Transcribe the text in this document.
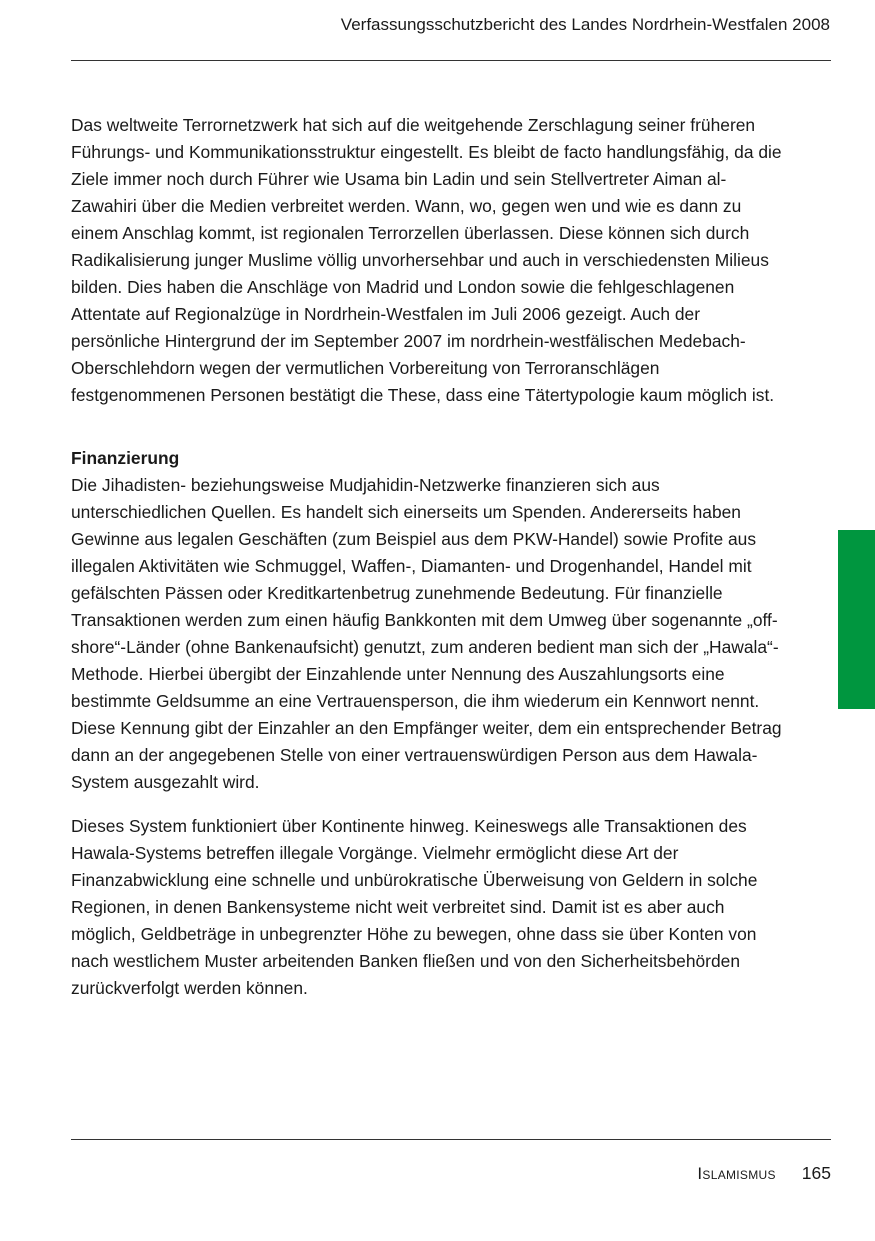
Verfassungsschutzbericht des Landes Nordrhein-Westfalen 2008

Das weltweite Terrornetzwerk hat sich auf die weitgehende Zerschlagung seiner früheren Führungs- und Kommunikationsstruktur eingestellt. Es bleibt de facto handlungsfähig, da die Ziele immer noch durch Führer wie Usama bin Ladin und sein Stellvertreter Aiman al-Zawahiri über die Medien verbreitet werden. Wann, wo, gegen wen und wie es dann zu einem Anschlag kommt, ist regionalen Terrorzellen überlassen. Diese können sich durch Radikalisierung junger Muslime völlig unvorhersehbar und auch in verschiedensten Milieus bilden. Dies haben die Anschläge von Madrid und London sowie die fehlgeschlagenen Attentate auf Regionalzüge in Nordrhein-Westfalen im Juli 2006 gezeigt. Auch der persönliche Hintergrund der im September 2007 im nordrhein-westfälischen Medebach-Oberschlehdorn wegen der vermutlichen Vorbereitung von Terroranschlägen festgenommenen Personen bestätigt die These, dass eine Tätertypologie kaum möglich ist.

Finanzierung

Die Jihadisten- beziehungsweise Mudjahidin-Netzwerke finanzieren sich aus unterschiedlichen Quellen. Es handelt sich einerseits um Spenden. Andererseits haben Gewinne aus legalen Geschäften (zum Beispiel aus dem PKW-Handel) sowie Profite aus illegalen Aktivitäten wie Schmuggel, Waffen-, Diamanten- und Drogenhandel, Handel mit gefälschten Pässen oder Kreditkartenbetrug zunehmende Bedeutung. Für finanzielle Transaktionen werden zum einen häufig Bankkonten mit dem Umweg über sogenannte „off-shore“-Länder (ohne Bankenaufsicht) genutzt, zum anderen bedient man sich der „Hawala“-Methode. Hierbei übergibt der Einzahlende unter Nennung des Auszahlungsorts eine bestimmte Geldsumme an eine Vertrauensperson, die ihm wiederum ein Kennwort nennt. Diese Kennung gibt der Einzahler an den Empfänger weiter, dem ein entsprechender Betrag dann an der angegebenen Stelle von einer vertrauenswürdigen Person aus dem Hawala-System ausgezahlt wird.

Dieses System funktioniert über Kontinente hinweg. Keineswegs alle Transaktionen des Hawala-Systems betreffen illegale Vorgänge. Vielmehr ermöglicht diese Art der Finanzabwicklung eine schnelle und unbürokratische Überweisung von Geldern in solche Regionen, in denen Bankensysteme nicht weit verbreitet sind. Damit ist es aber auch möglich, Geldbeträge in unbegrenzter Höhe zu bewegen, ohne dass sie über Konten von nach westlichem Muster arbeitenden Banken fließen und von den Sicherheitsbehörden zurückverfolgt werden können.

Islamismus 165
